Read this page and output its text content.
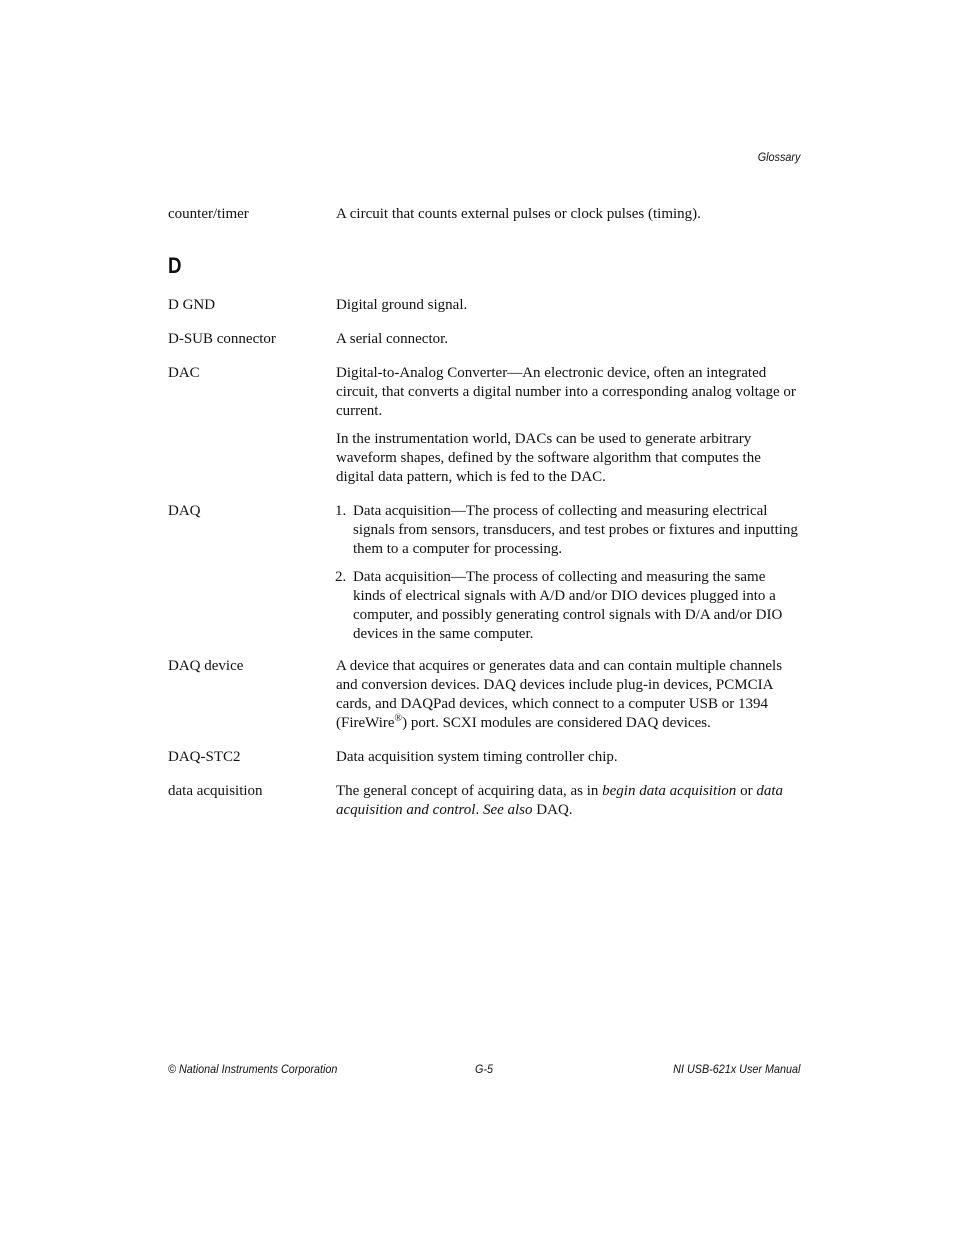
Glossary
counter/timer	A circuit that counts external pulses or clock pulses (timing).
D
D GND	Digital ground signal.
D-SUB connector	A serial connector.
DAC	Digital-to-Analog Converter—An electronic device, often an integrated circuit, that converts a digital number into a corresponding analog voltage or current.

In the instrumentation world, DACs can be used to generate arbitrary waveform shapes, defined by the software algorithm that computes the digital data pattern, which is fed to the DAC.

DAQ	1. Data acquisition—The process of collecting and measuring electrical signals from sensors, transducers, and test probes or fixtures and inputting them to a computer for processing.
2. Data acquisition—The process of collecting and measuring the same kinds of electrical signals with A/D and/or DIO devices plugged into a computer, and possibly generating control signals with D/A and/or DIO devices in the same computer.
DAQ device	A device that acquires or generates data and can contain multiple channels and conversion devices. DAQ devices include plug-in devices, PCMCIA cards, and DAQPad devices, which connect to a computer USB or 1394 (FireWire®) port. SCXI modules are considered DAQ devices.
DAQ-STC2	Data acquisition system timing controller chip.
data acquisition	The general concept of acquiring data, as in begin data acquisition or data acquisition and control. See also DAQ.
© National Instruments Corporation	G-5	NI USB-621x User Manual
